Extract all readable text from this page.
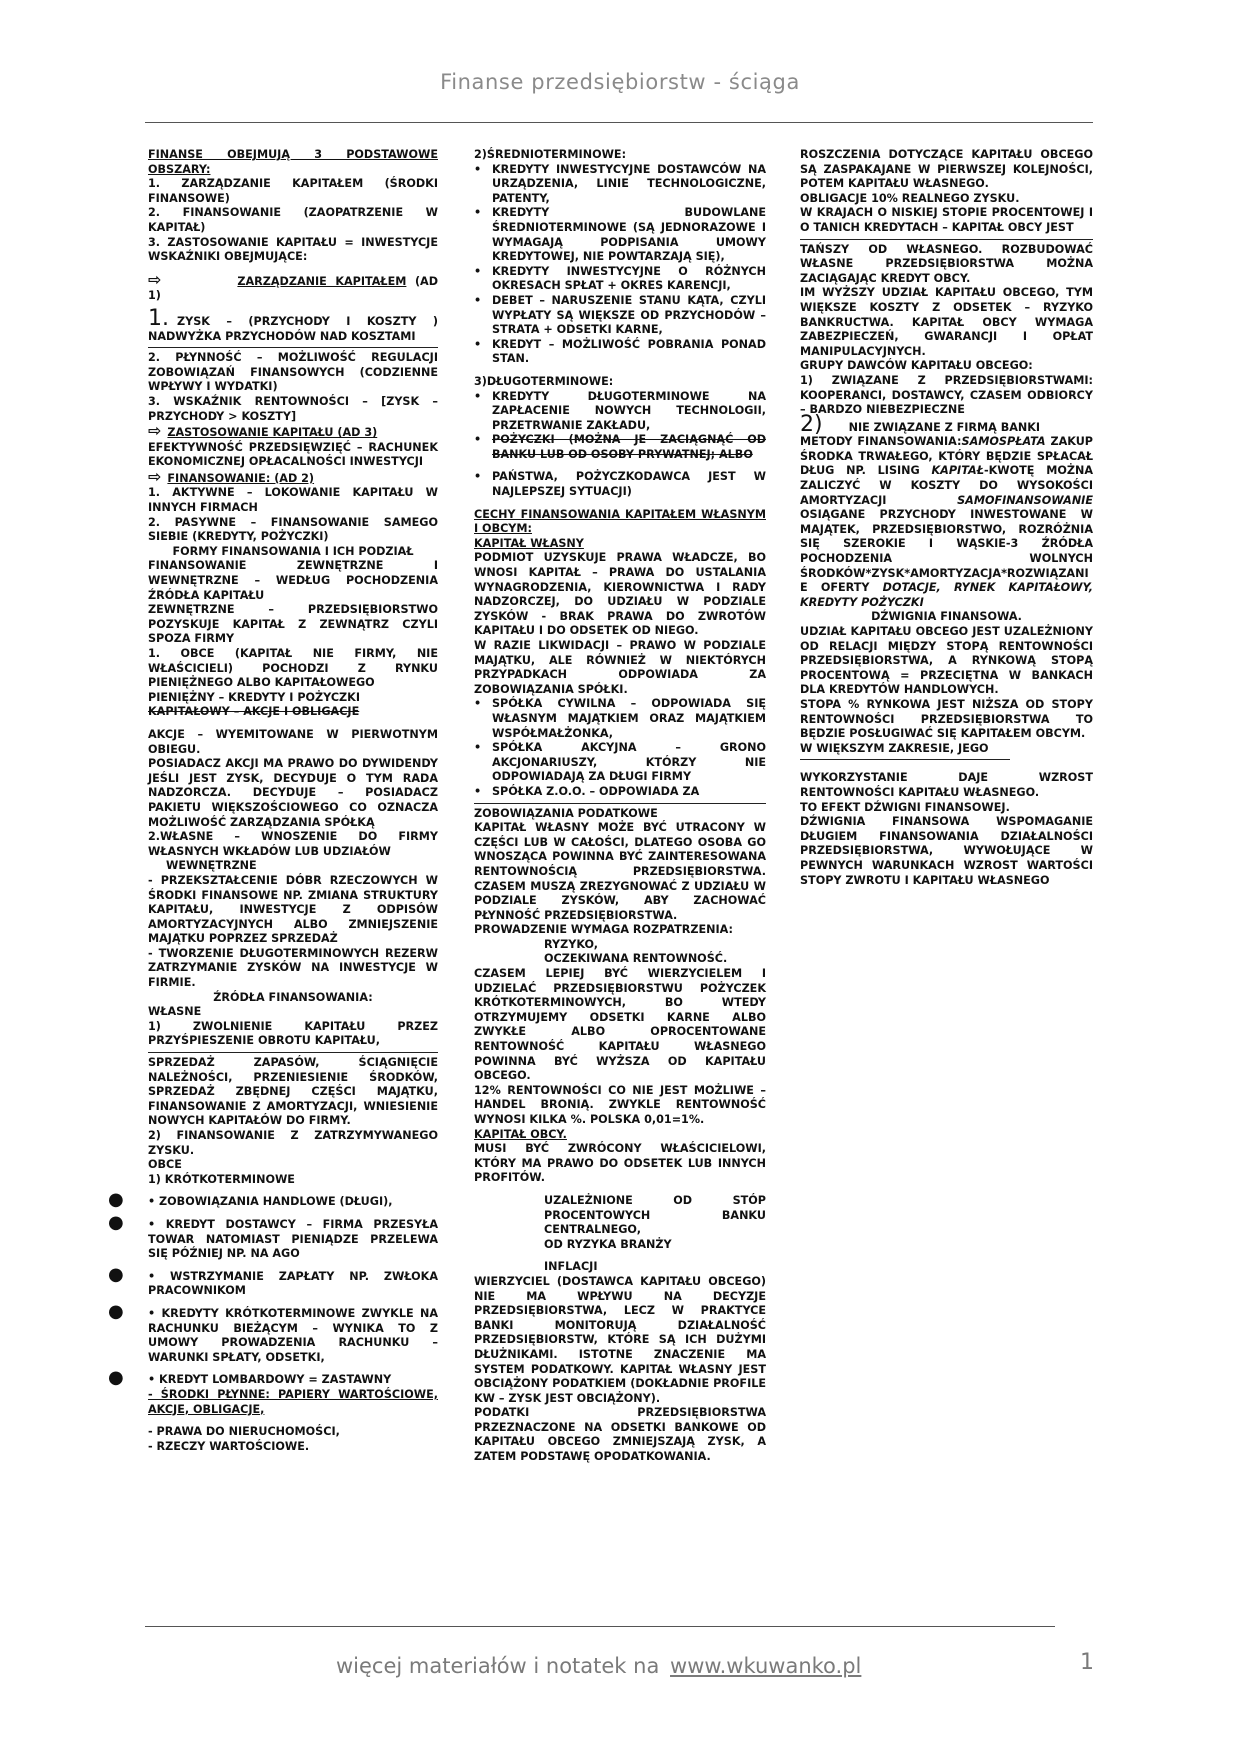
Finanse przedsiębiorstw - ściąga

FINANSE OBEJMUJĄ 3 PODSTAWOWE OBSZARY:

1. ZARZĄDZANIE KAPITAŁEM (ŚRODKI FINANSOWE)

2. FINANSOWANIE (ZAOPATRZENIE W KAPITAŁ)

3. ZASTOSOWANIE KAPITAŁU = INWESTYCJE WSKAŹNIKI OBEJMUJĄCE:

⇨	ZARZĄDZANIE KAPITAŁEM (AD 1)

1. ZYSK – (PRZYCHODY I KOSZTY ) NADWYŻKA PRZYCHODÓW NAD KOSZTAMI

2. PŁYNNOŚĆ – MOŻLIWOŚĆ REGULACJI ZOBOWIĄZAŃ FINANSOWYCH (CODZIENNE WPŁYWY I WYDATKI)

3. WSKAŹNIK RENTOWNOŚCI – [ZYSK – PRZYCHODY > KOSZTY]

⇨ ZASTOSOWANIE KAPITAŁU (AD 3)

EFEKTYWNOŚĆ PRZEDSIĘWZIĘĆ – RACHUNEK EKONOMICZNEJ OPŁACALNOŚCI INWESTYCJI

⇨ FINANSOWANIE: (AD 2)

1. AKTYWNE – LOKOWANIE KAPITAŁU W INNYCH FIRMACH

2. PASYWNE – FINANSOWANIE SAMEGO SIEBIE (KREDYTY, POŻYCZKI)

FORMY FINANSOWANIA I ICH PODZIAŁ

FINANSOWANIE ZEWNĘTRZNE I WEWNĘTRZNE – WEDŁUG POCHODZENIA ŹRÓDŁA KAPITAŁU

ZEWNĘTRZNE – PRZEDSIĘBIORSTWO POZYSKUJE KAPITAŁ Z ZEWNĄTRZ CZYLI SPOZA FIRMY

1. OBCE (KAPITAŁ NIE FIRMY, NIE WŁAŚCICIELI) POCHODZI Z RYNKU PIENIĘŻNEGO ALBO KAPITAŁOWEGO

PIENIĘŻNY – KREDYTY I POŻYCZKI

KAPITAŁOWY – AKCJE I OBLIGACJE

AKCJE – WYEMITOWANE W PIERWOTNYM OBIEGU.

POSIADACZ AKCJI MA PRAWO DO DYWIDENDY JEŚLI JEST ZYSK, DECYDUJE O TYM RADA NADZORCZA. DECYDUJE – POSIADACZ PAKIETU WIĘKSZOŚCIOWEGO CO OZNACZA MOŻLIWOŚĆ ZARZĄDZANIA SPÓŁKĄ

2.WŁASNE – WNOSZENIE DO FIRMY WŁASNYCH WKŁADÓW LUB UDZIAŁÓW

WEWNĘTRZNE

- PRZEKSZTAŁCENIE DÓBR RZECZOWYCH W ŚRODKI FINANSOWE NP. ZMIANA STRUKTURY KAPITAŁU, INWESTYCJE Z ODPISÓW AMORTYZACYJNYCH ALBO ZMNIEJSZENIE MAJĄTKU POPRZEZ SPRZEDAŻ

- TWORZENIE DŁUGOTERMINOWYCH REZERW ZATRZYMANIE ZYSKÓW NA INWESTYCJE W FIRMIE.

ŹRÓDŁA FINANSOWANIA:

WŁASNE

1) ZWOLNIENIE KAPITAŁU PRZEZ PRZYŚPIESZENIE OBROTU KAPITAŁU,

SPRZEDAŻ ZAPASÓW, ŚCIĄGNIĘCIE NALEŻNOŚCI, PRZENIESIENIE ŚRODKÓW, SPRZEDAŻ ZBĘDNEJ CZĘŚCI MAJĄTKU, FINANSOWANIE Z AMORTYZACJI, WNIESIENIE NOWYCH KAPITAŁÓW DO FIRMY.

2) FINANSOWANIE Z ZATRZYMYWANEGO ZYSKU.

OBCE

1) KRÓTKOTERMINOWE

● • ZOBOWIĄZANIA HANDLOWE (DŁUGI),

● • KREDYT DOSTAWCY – FIRMA PRZESYŁA TOWAR NATOMIAST PIENIĄDZE PRZELEWA SIĘ PÓŹNIEJ NP. NA AGO

● • WSTRZYMANIE ZAPŁATY NP. ZWŁOKA PRACOWNIKOM

● • KREDYTY KRÓTKOTERMINOWE ZWYKLE NA RACHUNKU BIEŻĄCYM – WYNIKA TO Z UMOWY PROWADZENIA RACHUNKU – WARUNKI SPŁATY, ODSETKI,

● • KREDYT LOMBARDOWY = ZASTAWNY

- ŚRODKI PŁYNNE: PAPIERY WARTOŚCIOWE, AKCJE, OBLIGACJE,

- PRAWA DO NIERUCHOMOŚCI,

- RZECZY WARTOŚCIOWE.

2)ŚREDNIOTERMINOWE:

• KREDYTY INWESTYCYJNE DOSTAWCÓW NA URZĄDZENIA, LINIE TECHNOLOGICZNE, PATENTY,

• KREDYTY BUDOWLANE ŚREDNIOTERMINOWE (SĄ JEDNORAZOWE I WYMAGAJĄ PODPISANIA UMOWY KREDYTOWEJ, NIE POWTARZAJĄ SIĘ),

• KREDYTY INWESTYCYJNE O RÓŻNYCH OKRESACH SPŁAT + OKRES KARENCJI,

• DEBET – NARUSZENIE STANU KĄTA, CZYLI WYPŁATY SĄ WIĘKSZE OD PRZYCHODÓW – STRATA + ODSETKI KARNE,

• KREDYT – MOŻLIWOŚĆ POBRANIA PONAD STAN.

3)DŁUGOTERMINOWE:

• KREDYTY DŁUGOTERMINOWE NA ZAPŁACENIE NOWYCH TECHNOLOGII, PRZETRWANIE ZAKŁADU,

• POŻYCZKI (MOŻNA JE ZACIĄGNĄĆ OD BANKU LUB OD OSOBY PRYWATNEJ; ALBO

• PAŃSTWA, POŻYCZKODAWCA JEST W NAJLEPSZEJ SYTUACJI)

CECHY FINANSOWANIA KAPITAŁEM WŁASNYM I OBCYM:

KAPITAŁ WŁASNY

PODMIOT UZYSKUJE PRAWA WŁADCZE, BO WNOSI KAPITAŁ – PRAWA DO USTALANIA WYNAGRODZENIA, KIEROWNICTWA I RADY NADZORCZEJ, DO UDZIAŁU W PODZIALE ZYSKÓW - BRAK PRAWA DO ZWROTÓW KAPITAŁU I DO ODSETEK OD NIEGO.

W RAZIE LIKWIDACJI – PRAWO W PODZIALE MAJĄTKU, ALE RÓWNIEŻ W NIEKTÓRYCH PRZYPADKACH ODPOWIADA ZA ZOBOWIĄZANIA SPÓŁKI.

• SPÓŁKA CYWILNA – ODPOWIADA SIĘ WŁASNYM MAJĄTKIEM ORAZ MAJĄTKIEM WSPÓŁMAŁŻONKA,

• SPÓŁKA AKCYJNA – GRONO AKCJONARIUSZY, KTÓRZY NIE ODPOWIADAJĄ ZA DŁUGI FIRMY

• SPÓŁKA Z.O.O. – ODPOWIADA ZA

ZOBOWIĄZANIA PODATKOWE

KAPITAŁ WŁASNY MOŻE BYĆ UTRACONY W CZĘŚCI LUB W CAŁOŚCI, DLATEGO OSOBA GO WNOSZĄCA POWINNA BYĆ ZAINTERESOWANA RENTOWNOŚCIĄ PRZEDSIĘBIORSTWA. CZASEM MUSZĄ ZREZYGNOWAĆ Z UDZIAŁU W PODZIALE ZYSKÓW, ABY ZACHOWAĆ PŁYNNOŚĆ PRZEDSIĘBIORSTWA.

PROWADZENIE WYMAGA ROZPATRZENIA:

RYZYKO,

OCZEKIWANA RENTOWNOŚĆ.

CZASEM LEPIEJ BYĆ WIERZYCIELEM I UDZIELAĆ PRZEDSIĘBIORSTWU POŻYCZEK KRÓTKOTERMINOWYCH, BO WTEDY OTRZYMUJEMY ODSETKI KARNE ALBO ZWYKŁE ALBO OPROCENTOWANE RENTOWNOŚĆ KAPITAŁU WŁASNEGO POWINNA BYĆ WYŻSZA OD KAPITAŁU OBCEGO.

12% RENTOWNOŚCI CO NIE JEST MOŻLIWE – HANDEL BRONIĄ. ZWYKLE RENTOWNOŚĆ WYNOSI KILKA %. POLSKA 0,01=1%.

KAPITAŁ OBCY.

MUSI BYĆ ZWRÓCONY WŁAŚCICIELOWI, KTÓRY MA PRAWO DO ODSETEK LUB INNYCH PROFITÓW.

UZALEŻNIONE OD STÓP PROCENTOWYCH BANKU CENTRALNEGO,

OD RYZYKA BRANŻY

INFLACJI

WIERZYCIEL (DOSTAWCA KAPITAŁU OBCEGO) NIE MA WPŁYWU NA DECYZJE PRZEDSIĘBIORSTWA, LECZ W PRAKTYCE BANKI MONITORUJĄ DZIAŁALNOŚĆ PRZEDSIĘBIORSTW, KTÓRE SĄ ICH DUŻYMI DŁUŻNIKAMI. ISTOTNE ZNACZENIE MA SYSTEM PODATKOWY. KAPITAŁ WŁASNY JEST OBCIĄŻONY PODATKIEM (DOKŁADNIE PROFILE KW – ZYSK JEST OBCIĄŻONY).

PODATKI PRZEDSIĘBIORSTWA PRZEZNACZONE NA ODSETKI BANKOWE OD KAPITAŁU OBCEGO ZMNIEJSZAJĄ ZYSK, A ZATEM PODSTAWĘ OPODATKOWANIA.

ROSZCZENIA DOTYCZĄCE KAPITAŁU OBCEGO SĄ ZASPAKAJANE W PIERWSZEJ KOLEJNOŚCI, POTEM KAPITAŁU WŁASNEGO.

OBLIGACJE 10% REALNEGO ZYSKU.

W KRAJACH O NISKIEJ STOPIE PROCENTOWEJ I O TANICH KREDYTACH – KAPITAŁ OBCY JEST

TAŃSZY OD WŁASNEGO. ROZBUDOWAĆ WŁASNE PRZEDSIĘBIORSTWA MOŻNA ZACIĄGAJĄC KREDYT OBCY.

IM WYŻSZY UDZIAŁ KAPITAŁU OBCEGO, TYM WIĘKSZE KOSZTY Z ODSETEK – RYZYKO BANKRUCTWA. KAPITAŁ OBCY WYMAGA ZABEZPIECZEŃ, GWARANCJI I OPŁAT MANIPULACYJNYCH.

GRUPY DAWCÓW KAPITAŁU OBCEGO:

1) ZWIĄZANE Z PRZEDSIĘBIORSTWAMI: KOOPERANCI, DOSTAWCY, CZASEM ODBIORCY – BARDZO NIEBEZPIECZNE

2) NIE ZWIĄZANE Z FIRMĄ BANKI

METODY FINANSOWANIA:SAMOSPŁATA ZAKUP ŚRODKA TRWAŁEGO, KTÓRY BĘDZIE SPŁACAŁ DŁUG NP. LISING KAPITAŁ-KWOTĘ MOŻNA ZALICZYĆ W KOSZTY DO WYSOKOŚCI AMORTYZACJI SAMOFINANSOWANIE OSIĄGANE PRZYCHODY INWESTOWANE W MAJĄTEK, PRZEDSIĘBIORSTWO, ROZRÓŻNIA SIĘ SZEROKIE I WĄSKIE-3 ŹRÓDŁA POCHODZENIA WOLNYCH ŚRODKÓW*ZYSK*AMORTYZACJA*ROZWIĄZANI E OFERTY DOTACJE, RYNEK KAPITAŁOWY, KREDYTY POŻYCZKI

DŹWIGNIA FINANSOWA.

UDZIAŁ KAPITAŁU OBCEGO JEST UZALEŻNIONY OD RELACJI MIĘDZY STOPĄ RENTOWNOŚCI PRZEDSIĘBIORSTWA, A RYNKOWĄ STOPĄ PROCENTOWĄ = PRZECIĘTNA W BANKACH DLA KREDYTÓW HANDLOWYCH.

STOPA % RYNKOWA JEST NIŻSZA OD STOPY RENTOWNOŚCI PRZEDSIĘBIORSTWA TO BĘDZIE POSŁUGIWAĆ SIĘ KAPITAŁEM OBCYM.

W WIĘKSZYM ZAKRESIE, JEGO

WYKORZYSTANIE DAJE WZROST RENTOWNOŚCI KAPITAŁU WŁASNEGO.

TO EFEKT DŹWIGNI FINANSOWEJ.

DŹWIGNIA FINANSOWA WSPOMAGANIE DŁUGIEM FINANSOWANIA DZIAŁALNOŚCI PRZEDSIĘBIORSTWA, WYWOŁUJĄCE W PEWNYCH WARUNKACH WZROST WARTOŚCI STOPY ZWROTU I KAPITAŁU WŁASNEGO

więcej materiałów i notatek na www.wkuwanko.pl	1
